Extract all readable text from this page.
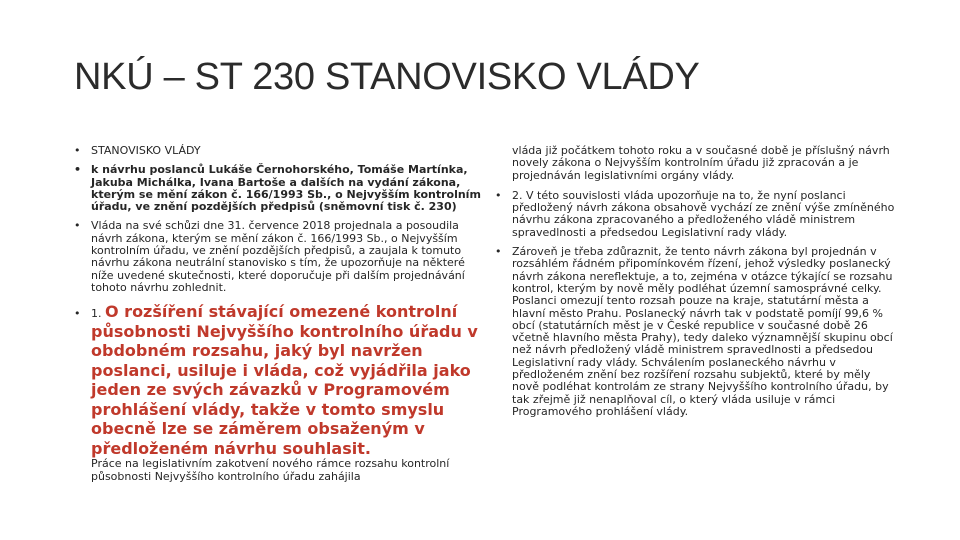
NKÚ – ST 230 STANOVISKO VLÁDY
• STANOVISKO VLÁDY
• k návrhu poslanců Lukáše Černohorského, Tomáše Martínka, Jakuba Michálka, Ivana Bartoše a dalších na vydání zákona, kterým se mění zákon č. 166/1993 Sb., o Nejvyšším kontrolním úřadu, ve znění pozdějších předpisů (sněmovní tisk č. 230)
• Vláda na své schůzi dne 31. července 2018 projednala a posoudila návrh zákona, kterým se mění zákon č. 166/1993 Sb., o Nejvyšším kontrolním úřadu, ve znění pozdějších předpisů, a zaujala k tomuto návrhu zákona neutrální stanovisko s tím, že upozorňuje na některé níže uvedené skutečnosti, které doporučuje při dalším projednávání tohoto návrhu zohlednit.
• 1. O rozšíření stávající omezené kontrolní působnosti Nejvyššího kontrolního úřadu v obdobném rozsahu, jaký byl navržen poslanci, usiluje i vláda, což vyjádřila jako jeden ze svých závazků v Programovém prohlášení vlády, takže v tomto smyslu obecně lze se záměrem obsaženým v předloženém návrhu souhlasit.
Práce na legislativním zakotvení nového rámce rozsahu kontrolní působnosti Nejvyššího kontrolního úřadu zahájila
vláda již počátkem tohoto roku a v současné době je příslušný návrh novely zákona o Nejvyšším kontrolním úřadu již zpracován a je projednáván legislativními orgány vlády.
• 2. V této souvislosti vláda upozorňuje na to, že nyní poslanci předložený návrh zákona obsahově vychází ze znění výše zmíněného návrhu zákona zpracovaného a předloženého vládě ministrem spravedlnosti a předsedou Legislativní rady vlády.
• Zároveň je třeba zdůraznit, že tento návrh zákona byl projednán v rozsáhlém řádném připomínkovém řízení, jehož výsledky poslanecký návrh zákona nereflektuje, a to, zejména v otázce týkající se rozsahu kontrol, kterým by nově měly podléhat územní samosprávné celky. Poslanci omezují tento rozsah pouze na kraje, statutární města a hlavní město Prahu. Poslanecký návrh tak v podstatě pomíjí 99,6 % obcí (statutárních měst je v České republice v současné době 26 včetně hlavního města Prahy), tedy daleko významnější skupinu obcí než návrh předložený vládě ministrem spravedlnosti a předsedou Legislativní rady vlády. Schválením poslaneckého návrhu v předloženém znění bez rozšíření rozsahu subjektů, které by měly nově podléhat kontrolám ze strany Nejvyššího kontrolního úřadu, by tak zřejmě již nenaplňoval cíl, o který vláda usiluje v rámci Programového prohlášení vlády.
